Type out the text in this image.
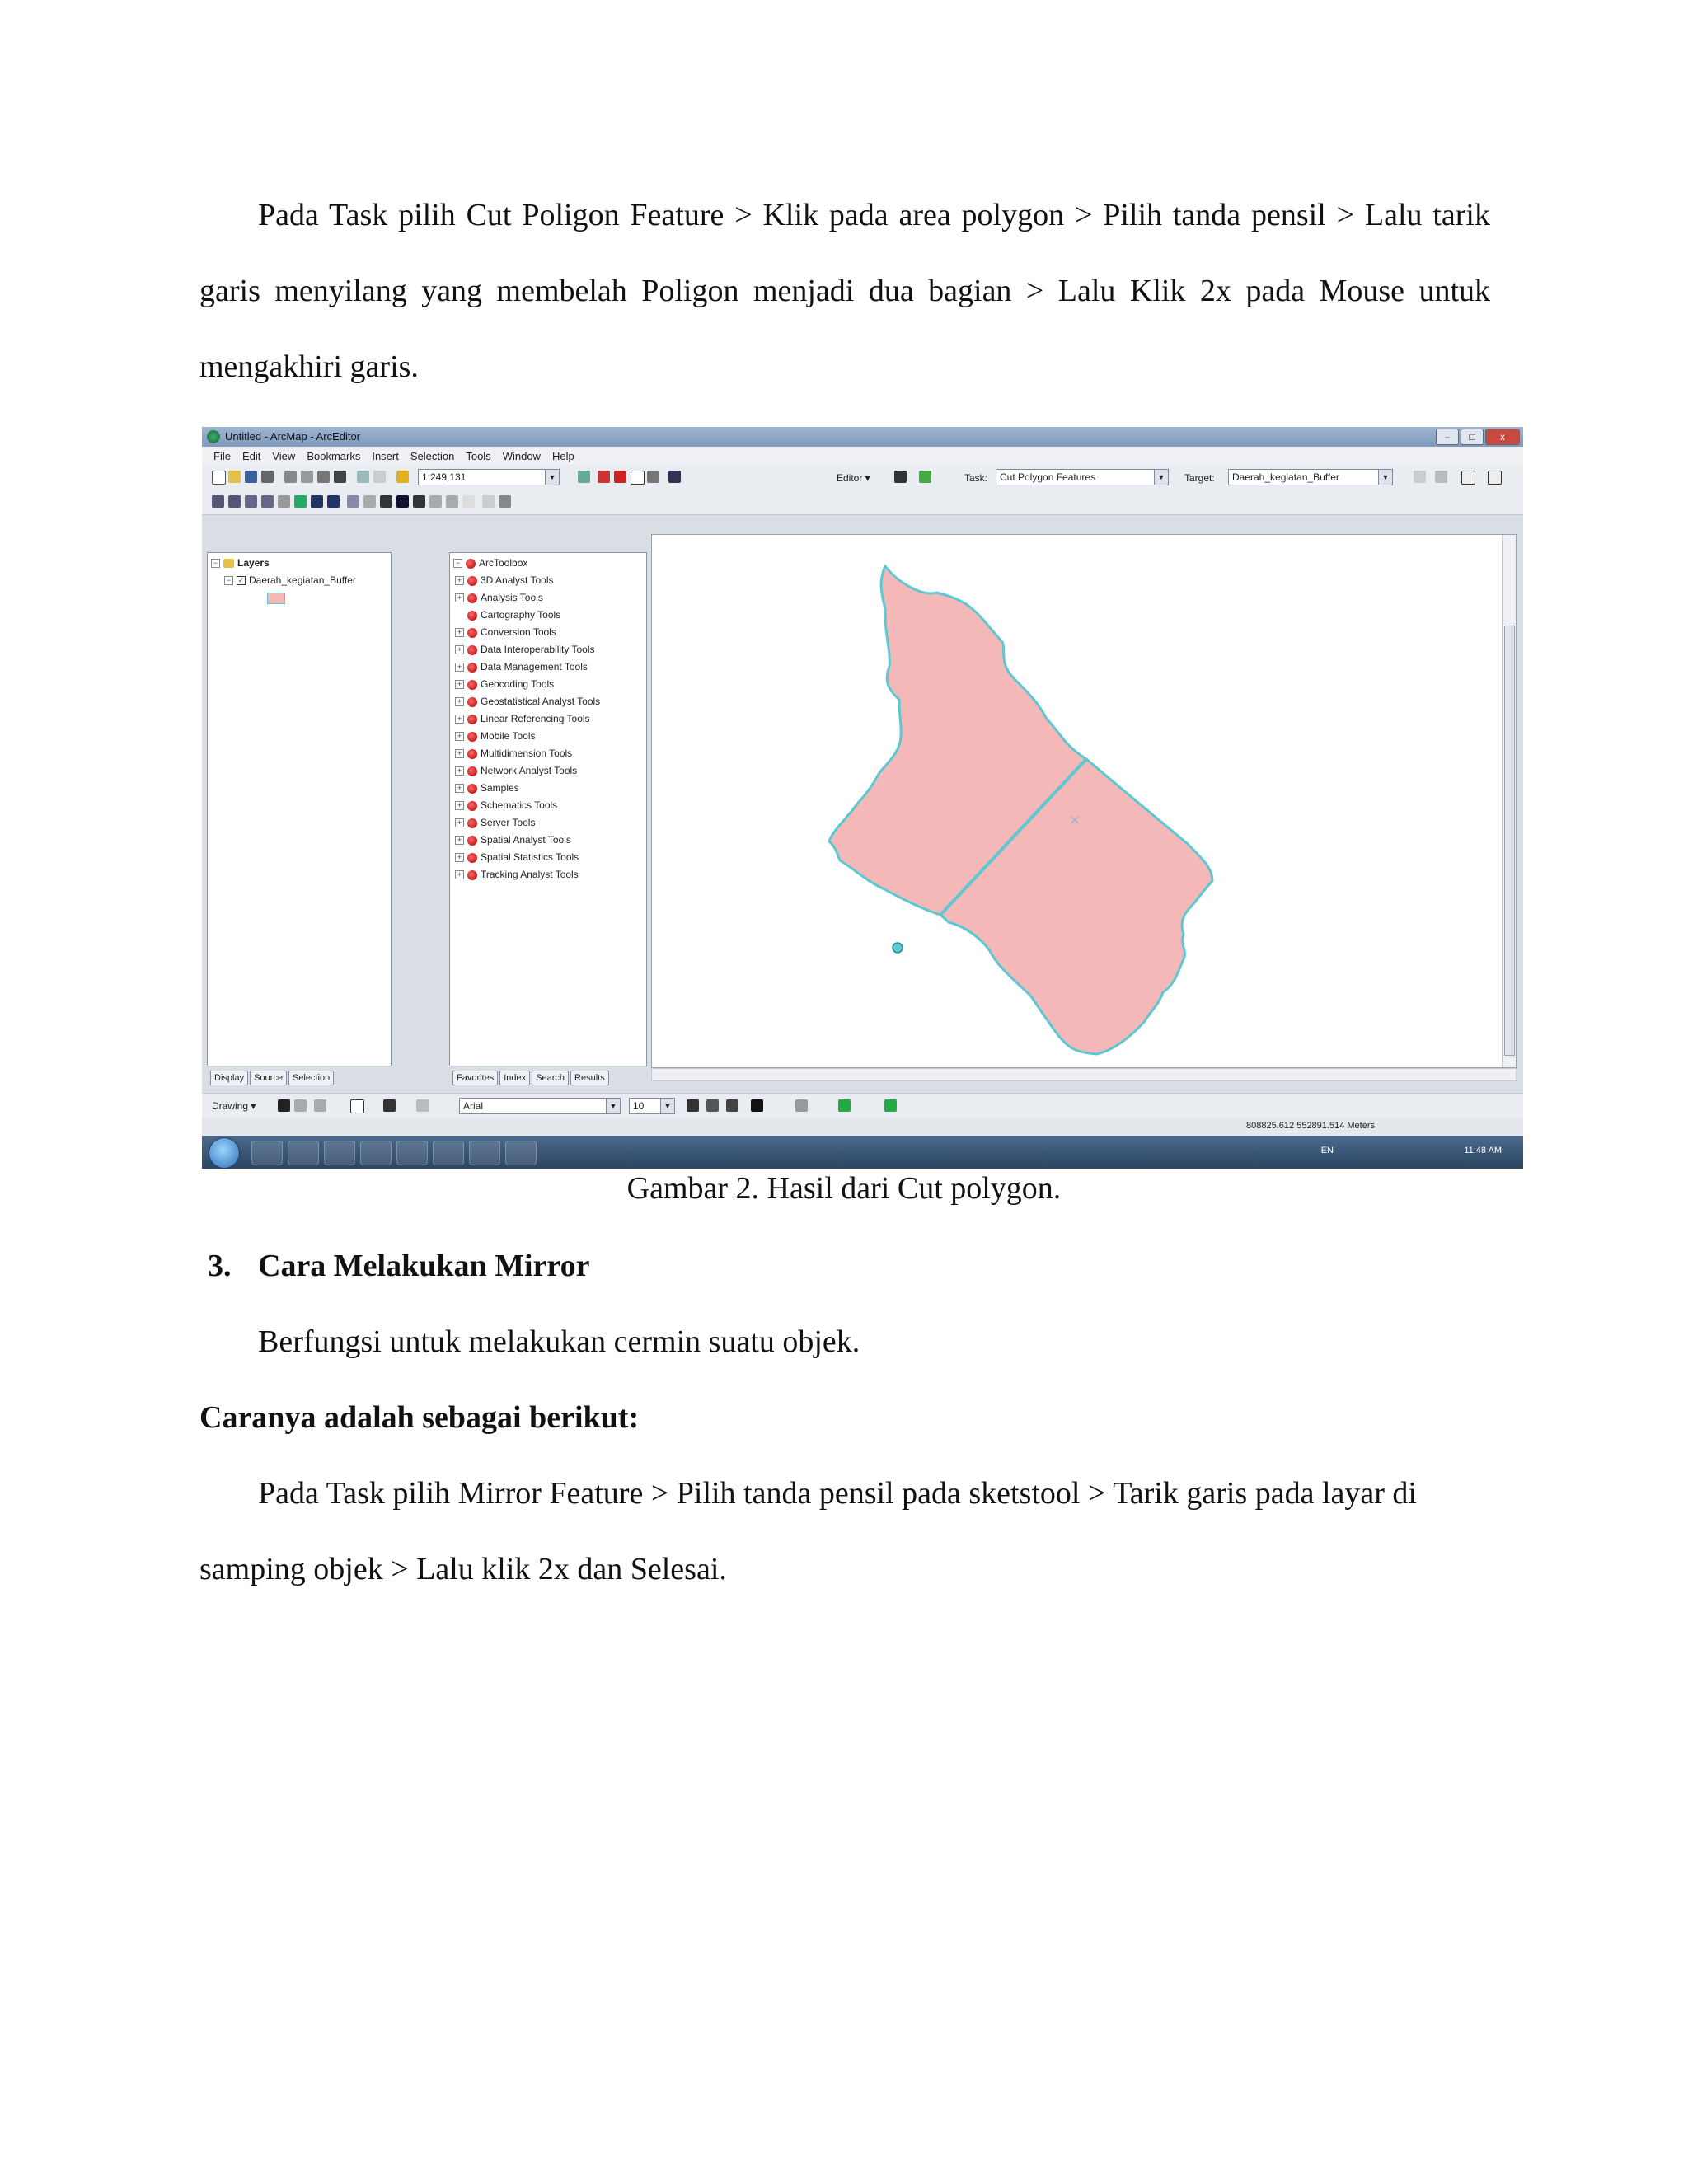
Pada Task pilih Cut Poligon Feature > Klik pada area polygon > Pilih tanda pensil > Lalu tarik garis menyilang yang membelah Poligon menjadi dua bagian > Lalu Klik 2x pada Mouse untuk mengakhiri garis.

Untitled - ArcMap - ArcEditor	–	□	x
File Edit View Bookmarks Insert Selection Tools Window Help
1:249,131	▼	Editor ▾	Task:	Cut Polygon Features	▼ Target:	Daerah_kegiatan_Buffer	▼
− Layers
− ✓ Daerah_kegiatan_Buffer
Display	Source	Selection
− ArcToolbox
+ 3D Analyst Tools
+ Analysis Tools
Cartography Tools
+ Conversion Tools
+ Data Interoperability Tools
+ Data Management Tools
+ Geocoding Tools
+ Geostatistical Analyst Tools
+ Linear Referencing Tools
+ Mobile Tools
+ Multidimension Tools
+ Network Analyst Tools
+ Samples
+ Schematics Tools
+ Server Tools
+ Spatial Analyst Tools
+ Spatial Statistics Tools
+ Tracking Analyst Tools
Favorites	Index	Search	Results
Drawing ▾	Arial	▼	10	▼
808825.612 552891.514 Meters
EN	11:48 AM
Gambar 2. Hasil dari Cut polygon.
3. Cara Melakukan Mirror
Berfungsi untuk melakukan cermin suatu objek.
Caranya adalah sebagai berikut:
Pada Task pilih Mirror Feature > Pilih tanda pensil pada sketstool > Tarik garis pada layar di
samping objek > Lalu klik 2x dan Selesai.
